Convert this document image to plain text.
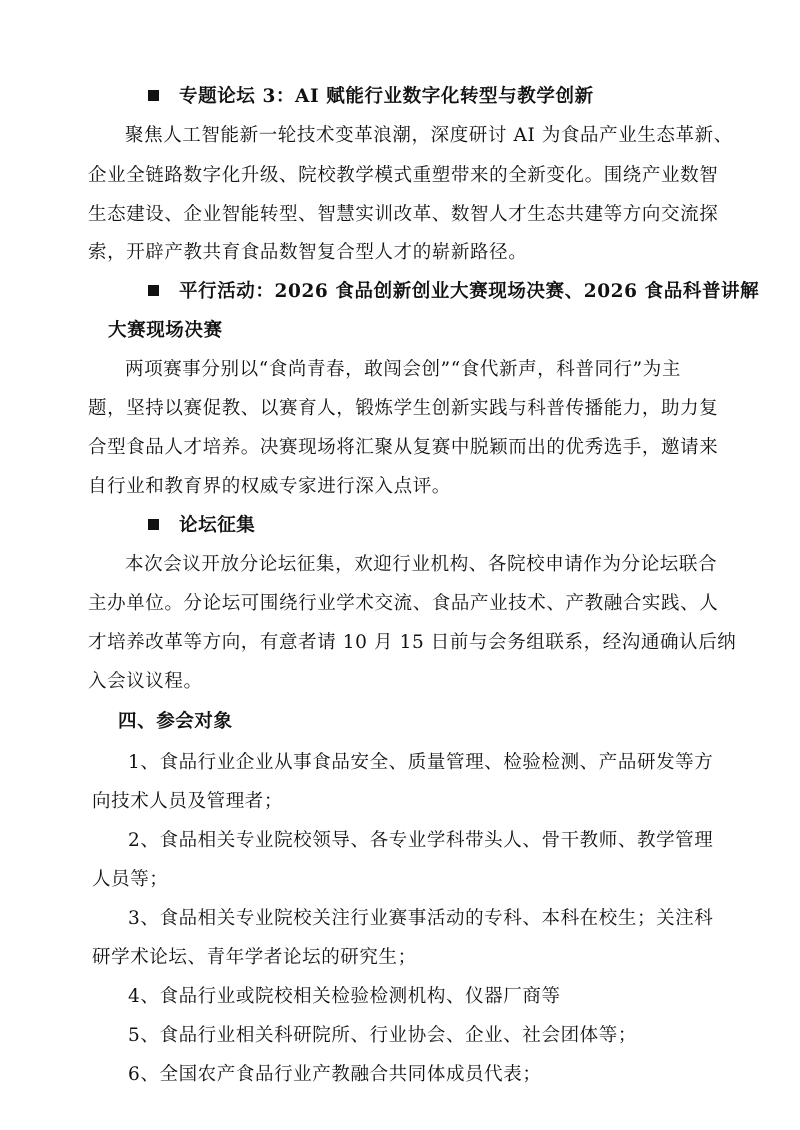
专题论坛 3：AI 赋能行业数字化转型与教学创新
聚焦人工智能新一轮技术变革浪潮，深度研讨 AI 为食品产业生态革新、
企业全链路数字化升级、院校教学模式重塑带来的全新变化。围绕产业数智
生态建设、企业智能转型、智慧实训改革、数智人才生态共建等方向交流探
索，开辟产教共育食品数智复合型人才的崭新路径。
平行活动：2026 食品创新创业大赛现场决赛、2026 食品科普讲解
大赛现场决赛
两项赛事分别以“食尚青春，敢闯会创”“食代新声，科普同行”为主
题，坚持以赛促教、以赛育人，锻炼学生创新实践与科普传播能力，助力复
合型食品人才培养。决赛现场将汇聚从复赛中脱颖而出的优秀选手，邀请来
自行业和教育界的权威专家进行深入点评。
论坛征集
本次会议开放分论坛征集，欢迎行业机构、各院校申请作为分论坛联合
主办单位。分论坛可围绕行业学术交流、食品产业技术、产教融合实践、人
才培养改革等方向，有意者请 10 月 15 日前与会务组联系，经沟通确认后纳
入会议议程。
四、参会对象
1、食品行业企业从事食品安全、质量管理、检验检测、产品研发等方
向技术人员及管理者；
2、食品相关专业院校领导、各专业学科带头人、骨干教师、教学管理
人员等；
3、食品相关专业院校关注行业赛事活动的专科、本科在校生；关注科
研学术论坛、青年学者论坛的研究生；
4、食品行业或院校相关检验检测机构、仪器厂商等
5、食品行业相关科研院所、行业协会、企业、社会团体等；
6、全国农产食品行业产教融合共同体成员代表；
